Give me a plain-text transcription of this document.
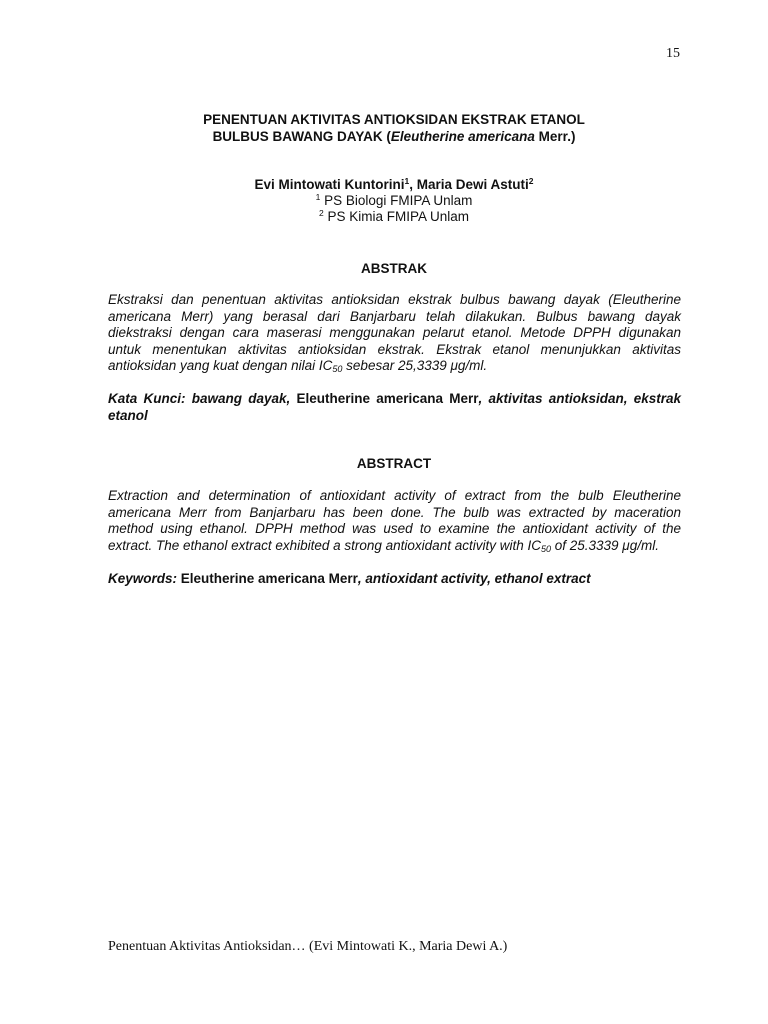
15
PENENTUAN AKTIVITAS ANTIOKSIDAN EKSTRAK ETANOL
BULBUS BAWANG DAYAK (Eleutherine americana Merr.)
Evi Mintowati Kuntorini$^1$, Maria Dewi Astuti$^2$
$^1$ PS Biologi FMIPA Unlam
$^2$ PS Kimia FMIPA Unlam
ABSTRAK
Ekstraksi dan penentuan aktivitas antioksidan ekstrak bulbus bawang dayak (Eleutherine
americana Merr) yang berasal dari Banjarbaru telah dilakukan. Bulbus bawang dayak
diekstraksi dengan cara maserasi menggunakan pelarut etanol. Metode DPPH digunakan
untuk menentukan aktivitas antioksidan ekstrak. Ekstrak etanol menunjukkan aktivitas
antioksidan yang kuat dengan nilai $IC_{50}$ sebesar 25,3339 μg/ml.
Kata Kunci: bawang dayak, Eleutherine americana Merr, aktivitas antioksidan, ekstrak
etanol
ABSTRACT
Extraction and determination of antioxidant activity of extract from the bulb Eleutherine
americana Merr from Banjarbaru has been done. The bulb was extracted by maceration
method using ethanol. DPPH method was used to examine the antioxidant activity of the
extract. The ethanol extract exhibited a strong antioxidant activity with $IC_{50}$ of 25.3339 μg/ml.
Keywords: Eleutherine americana Merr, antioxidant activity, ethanol extract
Penentuan Aktivitas Antioksidan… (Evi Mintowati K., Maria Dewi A.)
